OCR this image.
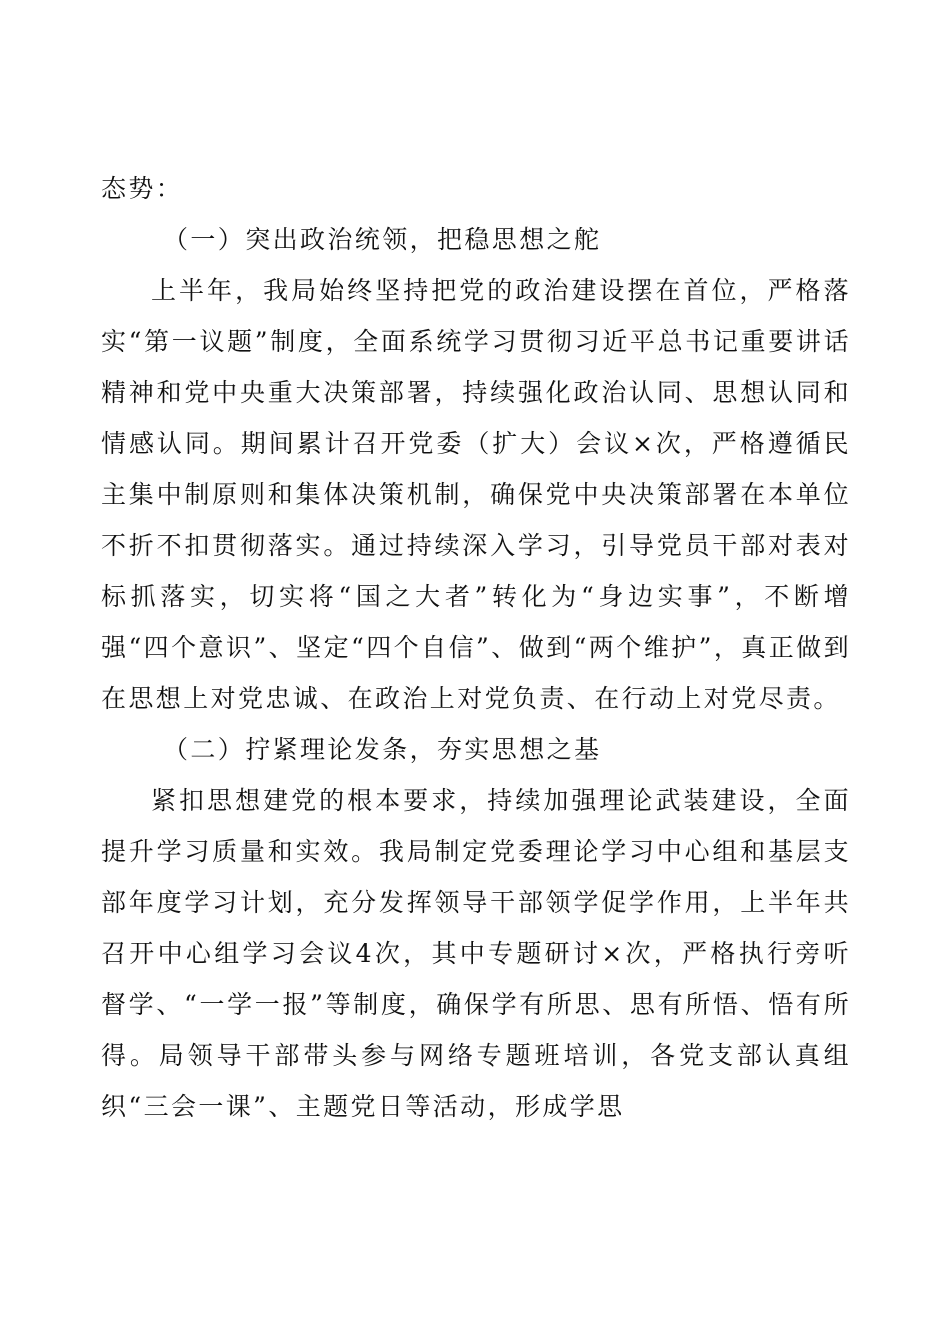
态势：
（一）突出政治统领，把稳思想之舵
上半年，我局始终坚持把党的政治建设摆在首位，严格落实“第一议题”制度，全面系统学习贯彻习近平总书记重要讲话精神和党中央重大决策部署，持续强化政治认同、思想认同和情感认同。期间累计召开党委（扩大）会议×次，严格遵循民主集中制原则和集体决策机制，确保党中央决策部署在本单位不折不扣贯彻落实。通过持续深入学习，引导党员干部对表对标抓落实，切实将“国之大者”转化为“身边实事”，不断增强“四个意识”、坚定“四个自信”、做到“两个维护”，真正做到在思想上对党忠诚、在政治上对党负责、在行动上对党尽责。
（二）拧紧理论发条，夯实思想之基
紧扣思想建党的根本要求，持续加强理论武装建设，全面提升学习质量和实效。我局制定党委理论学习中心组和基层支部年度学习计划，充分发挥领导干部领学促学作用，上半年共召开中心组学习会议4次，其中专题研讨×次，严格执行旁听督学、“一学一报”等制度，确保学有所思、思有所悟、悟有所得。局领导干部带头参与网络专题班培训，各党支部认真组织“三会一课”、主题党日等活动，形成学思
